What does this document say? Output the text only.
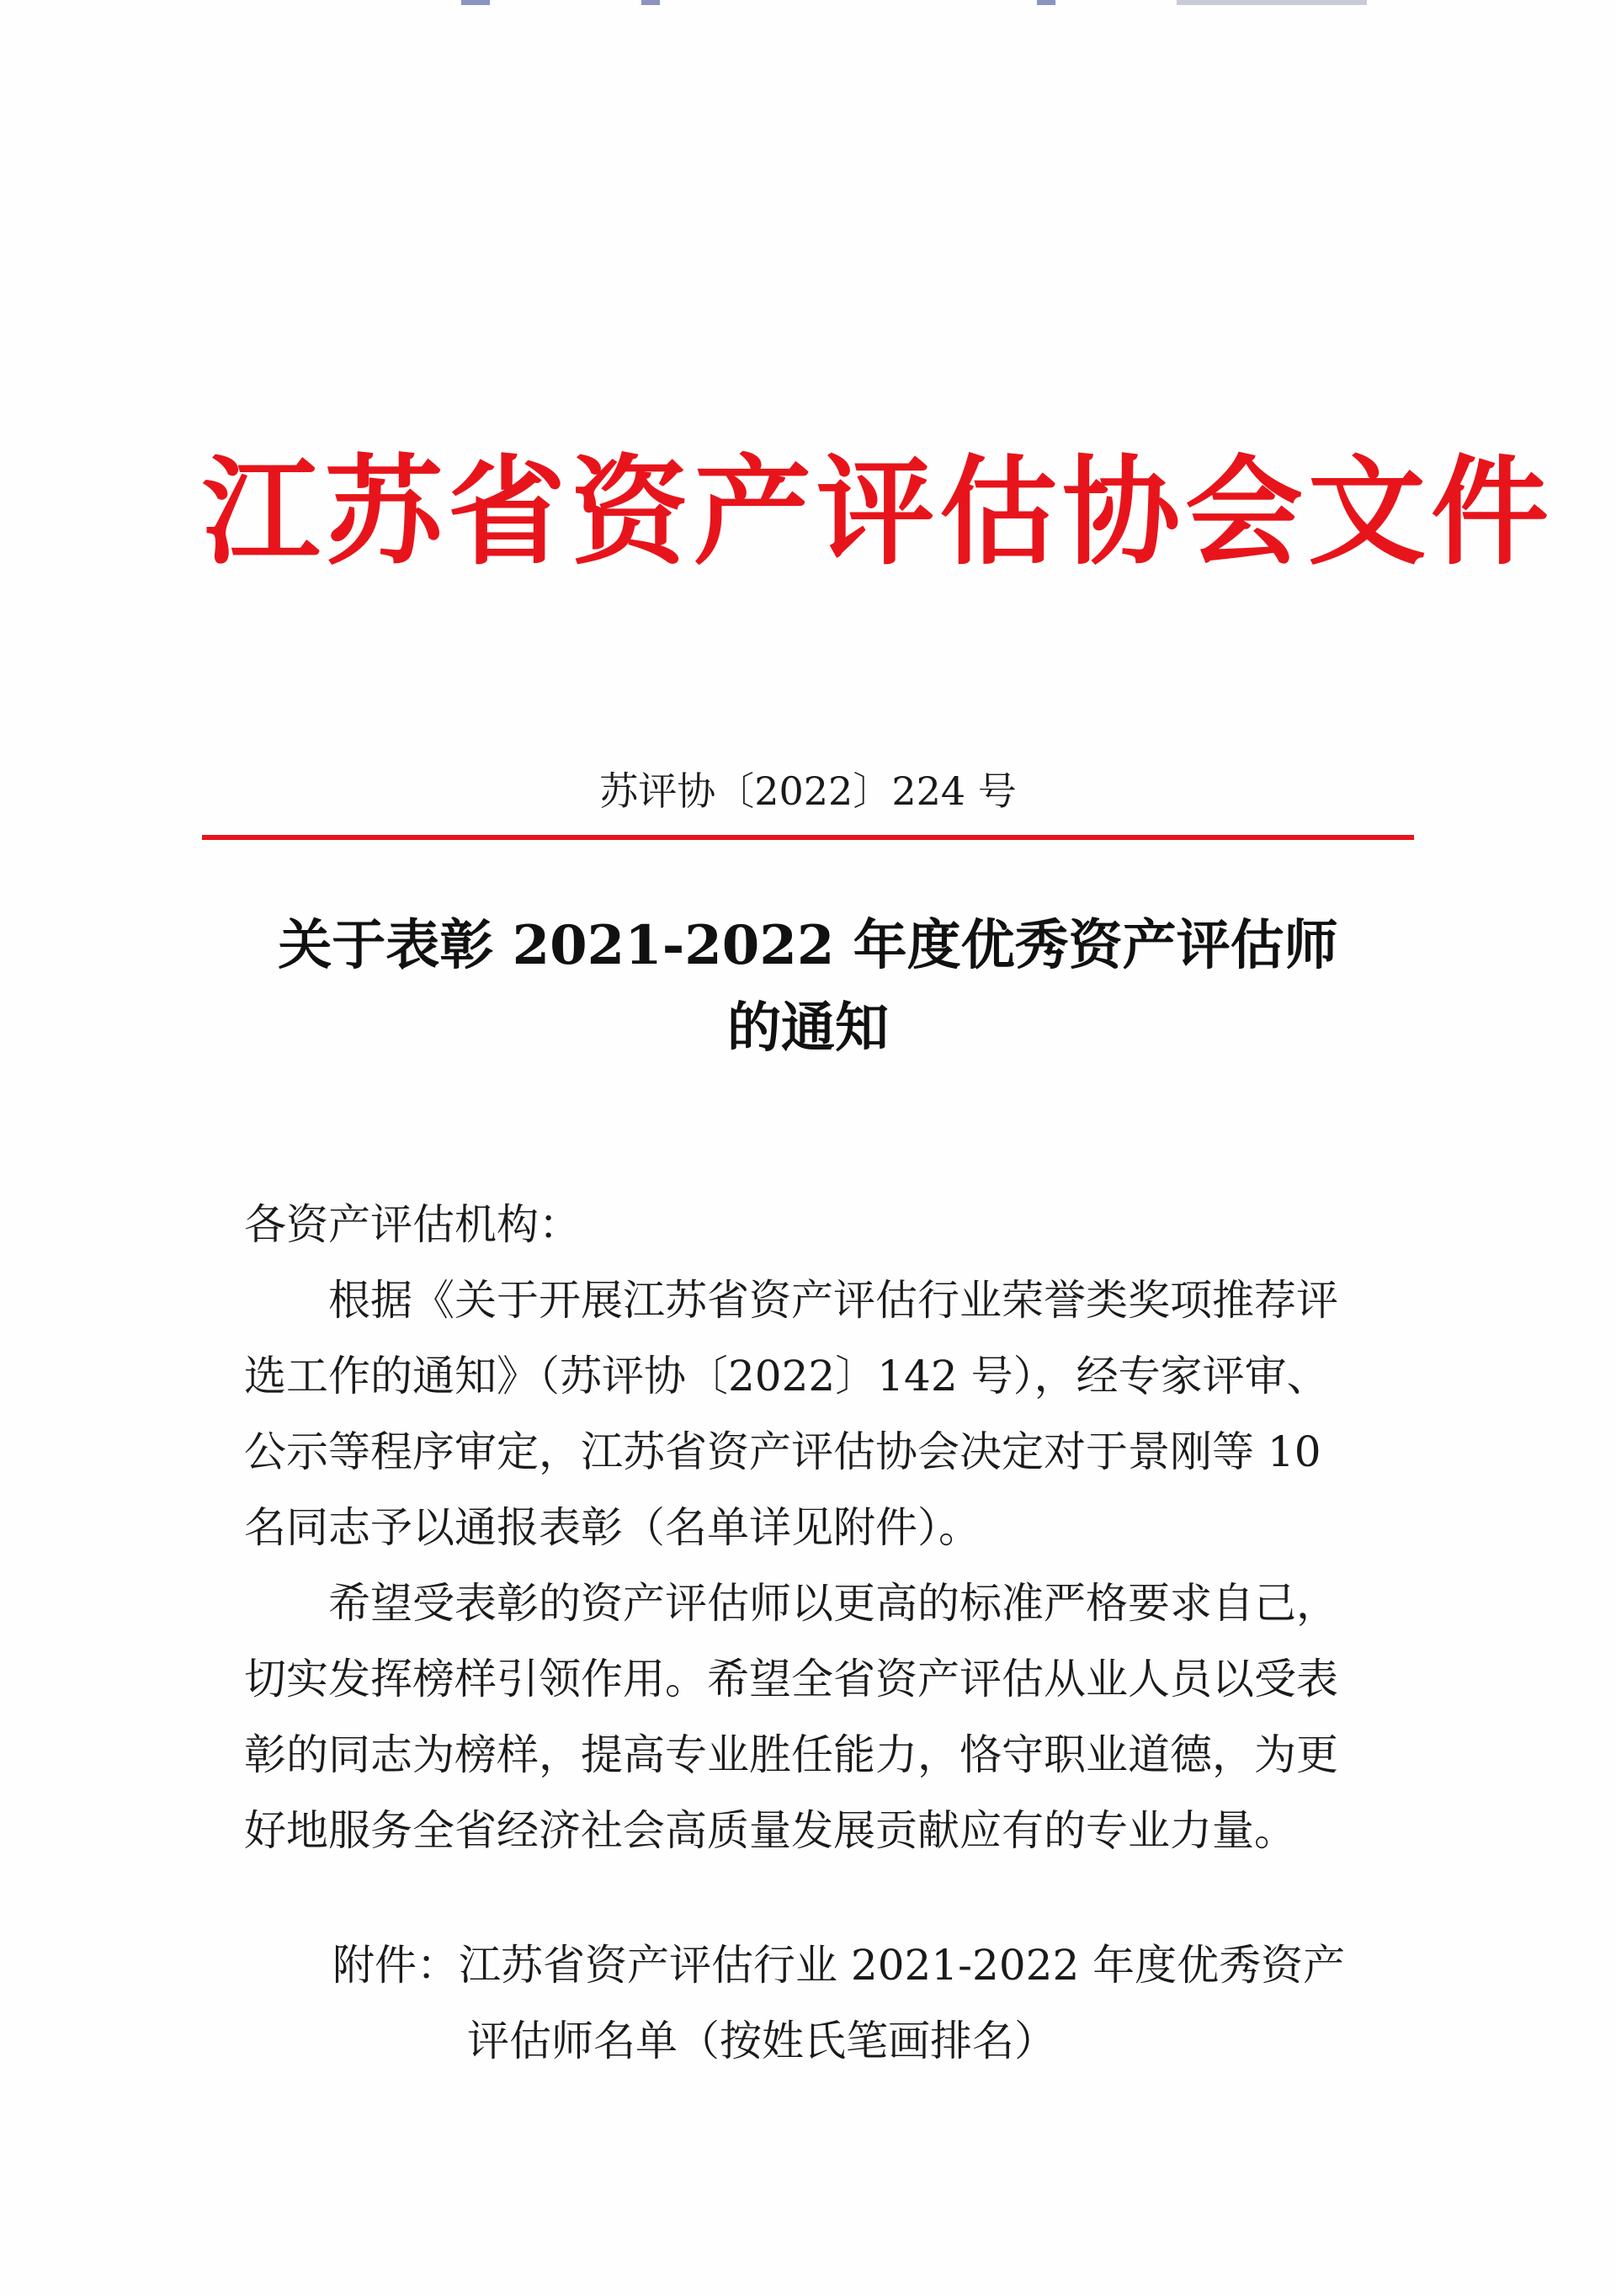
江苏省资产评估协会文件
苏评协〔2022〕224 号
关于表彰 2021-2022 年度优秀资产评估师
的通知

各资产评估机构：

根据《关于开展江苏省资产评估行业荣誉类奖项推荐评
选工作的通知》（苏评协〔2022〕142 号），经专家评审、
公示等程序审定，江苏省资产评估协会决定对于景刚等 10
名同志予以通报表彰（名单详见附件）。

希望受表彰的资产评估师以更高的标准严格要求自己，
切实发挥榜样引领作用。希望全省资产评估从业人员以受表
彰的同志为榜样，提高专业胜任能力，恪守职业道德，为更
好地服务全省经济社会高质量发展贡献应有的专业力量。

附件：江苏省资产评估行业 2021-2022 年度优秀资产
评估师名单（按姓氏笔画排名）
